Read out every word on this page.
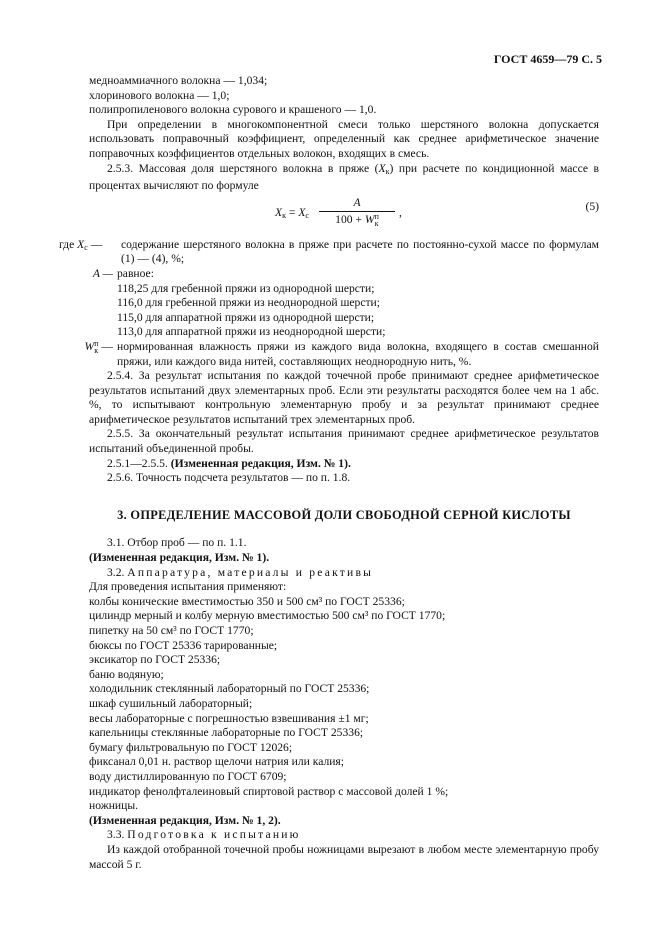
ГОСТ 4659—79 С. 5

медноаммиачного волокна — 1,034;

хлоринового волокна — 1,0;

полипропиленового волокна сурового и крашеного — 1,0.

При определении в многокомпонентной смеси только шерстяного волокна допускается использовать поправочный коэффициент, определенный как среднее арифметическое значение поправочных коэффициентов отдельных волокон, входящих в смесь.

2.5.3. Массовая доля шерстяного волокна в пряже $(X_к)$ при расчете по кондиционной массе в процентах вычисляют по формуле

$X_к = X_с$
A
100 + Wп
к
,	(5)
где $X_с$ —	содержание шерстяного волокна в пряже при расчете по постоянно-сухой массе по формулам (1) — (4), %;
A — равное:

118,25 для гребенной пряжи из однородной шерсти;

116,0 для гребенной пряжи из неоднородной шерсти;

115,0 для аппаратной пряжи из однородной шерсти;

113,0 для аппаратной пряжи из неоднородной шерсти;

Wп
к — нормированная влажность пряжи из каждого вида волокна, входящего в состав смешанной пряжи, или каждого вида нитей, составляющих неоднородную нить, %.

2.5.4. За результат испытания по каждой точечной пробе принимают среднее арифметическое результатов испытаний двух элементарных проб. Если эти результаты расходятся более чем на 1 абс. %, то испытывают контрольную элементарную пробу и за результат принимают среднее арифметическое результатов испытаний трех элементарных проб.

2.5.5. За окончательный результат испытания принимают среднее арифметическое результатов испытаний объединенной пробы.

2.5.1—2.5.5. (Измененная редакция, Изм. № 1).

2.5.6. Точность подсчета результатов — по п. 1.8.

3. ОПРЕДЕЛЕНИЕ МАССОВОЙ ДОЛИ СВОБОДНОЙ СЕРНОЙ КИСЛОТЫ

3.1. Отбор проб — по п. 1.1.

(Измененная редакция, Изм. № 1).

3.2. Аппаратура, материалы и реактивы

Для проведения испытания применяют:

колбы конические вместимостью 350 и 500 см³ по ГОСТ 25336;

цилиндр мерный и колбу мерную вместимостью 500 см³ по ГОСТ 1770;

пипетку на 50 см³ по ГОСТ 1770;

бюксы по ГОСТ 25336 тарированные;

эксикатор по ГОСТ 25336;

баню водяную;

холодильник стеклянный лабораторный по ГОСТ 25336;

шкаф сушильный лабораторный;

весы лабораторные с погрешностью взвешивания ±1 мг;

капельницы стеклянные лабораторные по ГОСТ 25336;

бумагу фильтровальную по ГОСТ 12026;

фиксанал 0,01 н. раствор щелочи натрия или калия;

воду дистиллированную по ГОСТ 6709;

индикатор фенолфталеиновый спиртовой раствор с массовой долей 1 %;

ножницы.

(Измененная редакция, Изм. № 1, 2).

3.3. Подготовка к испытанию

Из каждой отобранной точечной пробы ножницами вырезают в любом месте элементарную пробу массой 5 г.
